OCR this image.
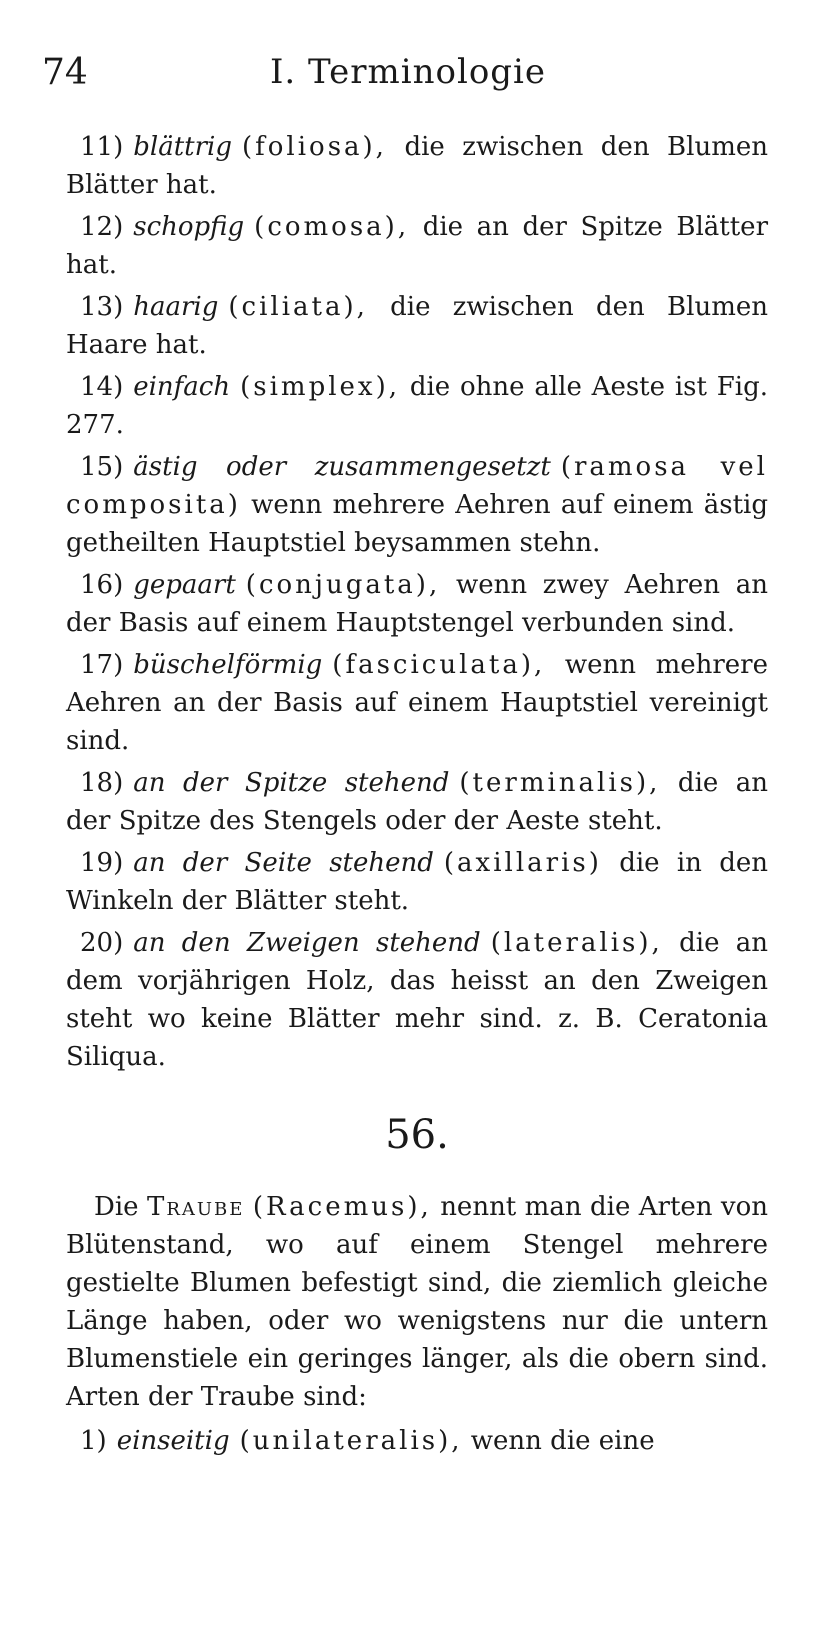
74	I. Terminologie

11) blättrig (foliosa), die zwischen den Blumen Blätter hat.

12) schopfig (comosa), die an der Spitze Blätter hat.

13) haarig (ciliata), die zwischen den Blumen Haare hat.

14) einfach (simplex), die ohne alle Aeste ist Fig. 277.

15) ästig oder zusammengesetzt (ramosa vel composita) wenn mehrere Aehren auf einem ästig getheilten Hauptstiel beysammen stehn.

16) gepaart (conjugata), wenn zwey Aehren an der Basis auf einem Hauptstengel verbunden sind.

17) büschelförmig (fasciculata), wenn mehrere Aehren an der Basis auf einem Hauptstiel vereinigt sind.

18) an der Spitze stehend (terminalis), die an der Spitze des Stengels oder der Aeste steht.

19) an der Seite stehend (axillaris) die in den Winkeln der Blätter steht.

20) an den Zweigen stehend (lateralis), die an dem vorjährigen Holz, das heisst an den Zweigen steht wo keine Blätter mehr sind. z. B. Ceratonia Siliqua.

56.

Die Traube (Racemus), nennt man die Arten von Blütenstand, wo auf einem Stengel mehrere gestielte Blumen befestigt sind, die ziemlich gleiche Länge haben, oder wo wenigstens nur die untern Blumenstiele ein geringes länger, als die obern sind. Arten der Traube sind:

1) einseitig (unilateralis), wenn die eine
